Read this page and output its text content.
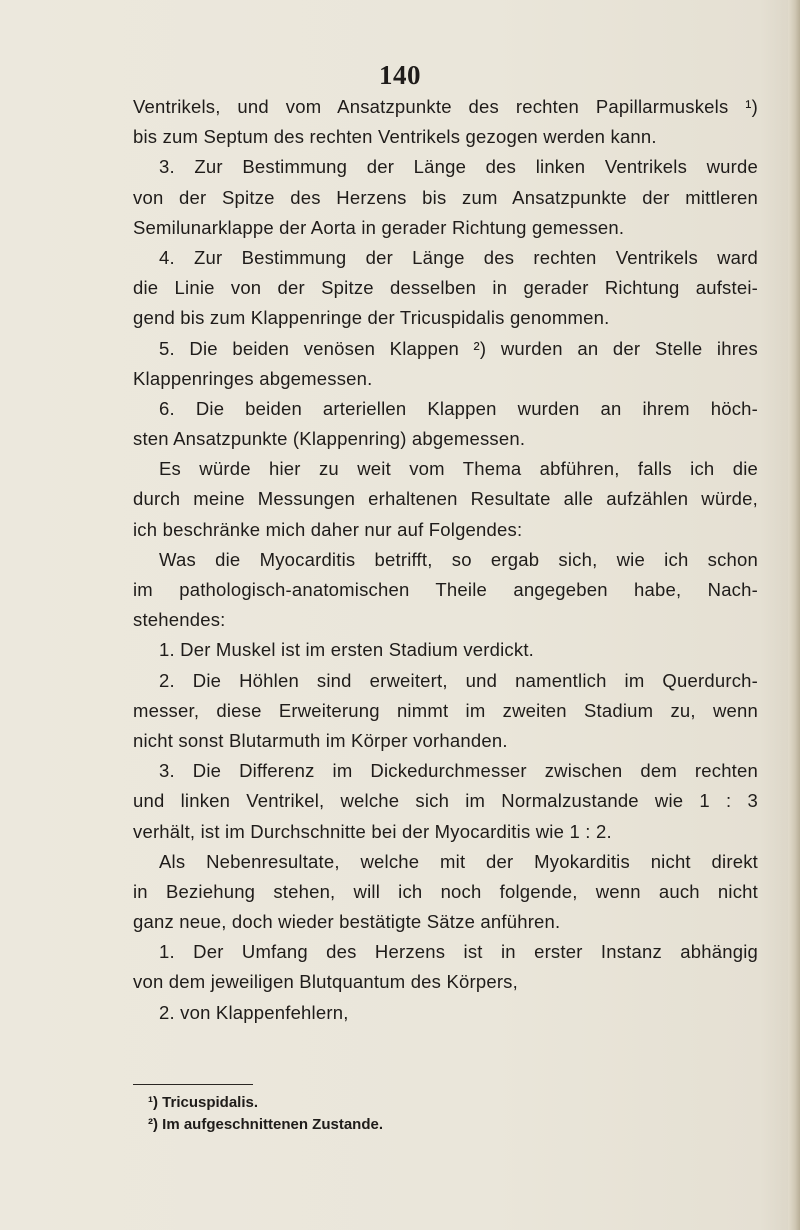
140
Ventrikels, und vom Ansatzpunkte des rechten Papillarmuskels ¹)
bis zum Septum des rechten Ventrikels gezogen werden kann.
3. Zur Bestimmung der Länge des linken Ventrikels wurde
von der Spitze des Herzens bis zum Ansatzpunkte der mittleren
Semilunarklappe der Aorta in gerader Richtung gemessen.
4. Zur Bestimmung der Länge des rechten Ventrikels ward
die Linie von der Spitze desselben in gerader Richtung aufstei-
gend bis zum Klappenringe der Tricuspidalis genommen.
5. Die beiden venösen Klappen ²) wurden an der Stelle ihres
Klappenringes abgemessen.
6. Die beiden arteriellen Klappen wurden an ihrem höch-
sten Ansatzpunkte (Klappenring) abgemessen.
Es würde hier zu weit vom Thema abführen, falls ich die
durch meine Messungen erhaltenen Resultate alle aufzählen würde,
ich beschränke mich daher nur auf Folgendes:
Was die Myocarditis betrifft, so ergab sich, wie ich schon
im pathologisch-anatomischen Theile angegeben habe, Nach-
stehendes:
1. Der Muskel ist im ersten Stadium verdickt.
2. Die Höhlen sind erweitert, und namentlich im Querdurch-
messer, diese Erweiterung nimmt im zweiten Stadium zu, wenn
nicht sonst Blutarmuth im Körper vorhanden.
3. Die Differenz im Dickedurchmesser zwischen dem rechten
und linken Ventrikel, welche sich im Normalzustande wie 1 : 3
verhält, ist im Durchschnitte bei der Myocarditis wie 1 : 2.
Als Nebenresultate, welche mit der Myokarditis nicht direkt
in Beziehung stehen, will ich noch folgende, wenn auch nicht
ganz neue, doch wieder bestätigte Sätze anführen.
1. Der Umfang des Herzens ist in erster Instanz abhängig
von dem jeweiligen Blutquantum des Körpers,
2. von Klappenfehlern,
¹) Tricuspidalis.
²) Im aufgeschnittenen Zustande.
